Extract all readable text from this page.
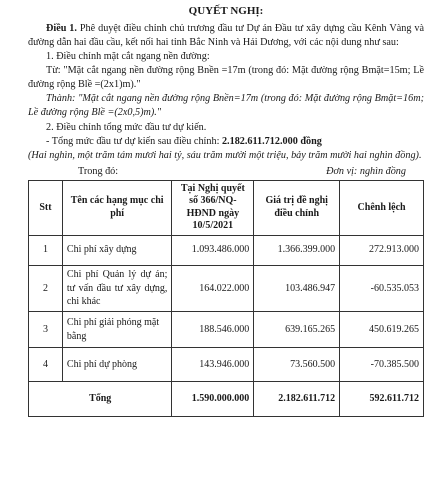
QUYẾT NGHỊ:

Điều 1. Phê duyệt điều chỉnh chủ trương đầu tư Dự án Đầu tư xây dựng cầu Kênh Vàng và đường dẫn hai đầu cầu, kết nối hai tỉnh Bắc Ninh và Hải Dương, với các nội dung như sau:

1. Điều chỉnh mặt cắt ngang nền đường:

Từ: "Mặt cắt ngang nền đường rộng Bnền =17m (trong đó: Mặt đường rộng Bmặt=15m; Lề đường rộng Blề =(2x1)m)."

Thành: "Mặt cắt ngang nền đường rộng Bnền=17m (trong đó: Mặt đường rộng Bmặt=16m; Lề đường rộng Blề =(2x0,5)m)."

2. Điều chỉnh tổng mức đầu tư dự kiến.

- Tổng mức đầu tư dự kiến sau điều chỉnh: 2.182.611.712.000 đồng

(Hai nghìn, một trăm tám mươi hai tỷ, sáu trăm mười một triệu, bảy trăm mười hai nghìn đồng).

Trong đó:	Đơn vị: nghìn đồng
Stt	Tên các hạng mục chi phí	Tại Nghị quyết số 366/NQ-HĐND ngày 10/5/2021	Giá trị đề nghị điều chỉnh	Chênh lệch
1	Chi phí xây dựng	1.093.486.000	1.366.399.000	272.913.000
2	Chi phí Quản lý dự án; tư vấn đầu tư xây dựng, chi khác	164.022.000	103.486.947	-60.535.053
3	Chi phí giải phóng mặt bằng	188.546.000	639.165.265	450.619.265
4	Chi phí dự phòng	143.946.000	73.560.500	-70.385.500
Tổng		1.590.000.000	2.182.611.712	592.611.712
